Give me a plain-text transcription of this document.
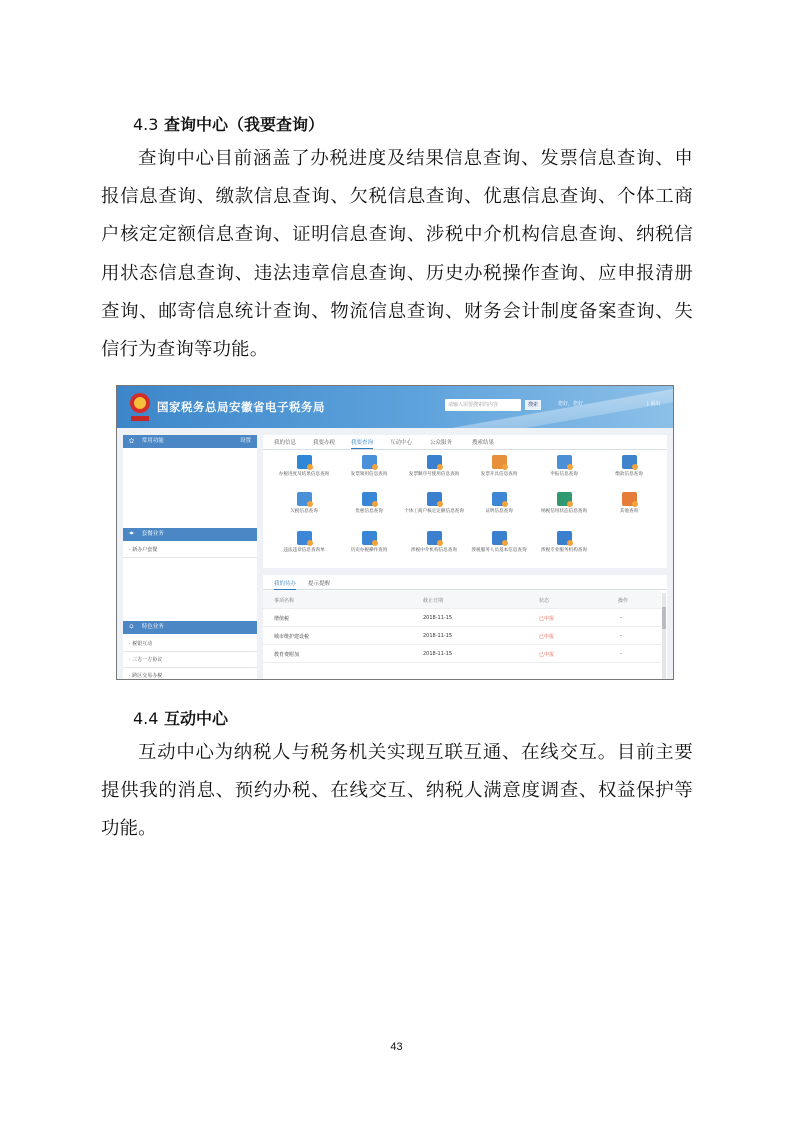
4.3 查询中心（我要查询）

查询中心目前涵盖了办税进度及结果信息查询、发票信息查询、申报信息查询、缴款信息查询、欠税信息查询、优惠信息查询、个体工商户核定定额信息查询、证明信息查询、涉税中介机构信息查询、纳税信用状态信息查询、违法违章信息查询、历史办税操作查询、应申报清册查询、邮寄信息统计查询、物流信息查询、财务会计制度备案查询、失信行为查询等功能。

国家税务总局安徽省电子税务局	请输入需要搜索的内容	搜索	您好，您好	| 退出
常用功能	设置
套餐业务
· 新办户套餐
特色业务
· 税银互动
· 三方一方协议
· 跨区交易办税
我的信息	我要办税	我要查询	互动中心	公众服务	搜索结果
办税进度及结果信息查询	发票领用信息查询	发票顺序号使用信息查询	发票开具信息查询	申报信息查询	缴款信息查询
欠税信息查询	优惠信息查询	个体工商户核定定额信息查询	证明信息查询	纳税信用状态信息查询	其他查询
违法违章信息查询单	历史办税操作查询	涉税中介机构信息查询	涉税服务人员基本信息查询	涉税专业服务机构查询
我的待办 提示提醒
事项名称	截止日期	状态	操作
增值税	2018-11-15	已申报	-
城市维护建设税	2018-11-15	已申报	-
教育费附加	2018-11-15	已申报	-
4.4 互动中心

互动中心为纳税人与税务机关实现互联互通、在线交互。目前主要提供我的消息、预约办税、在线交互、纳税人满意度调查、权益保护等功能。

43
